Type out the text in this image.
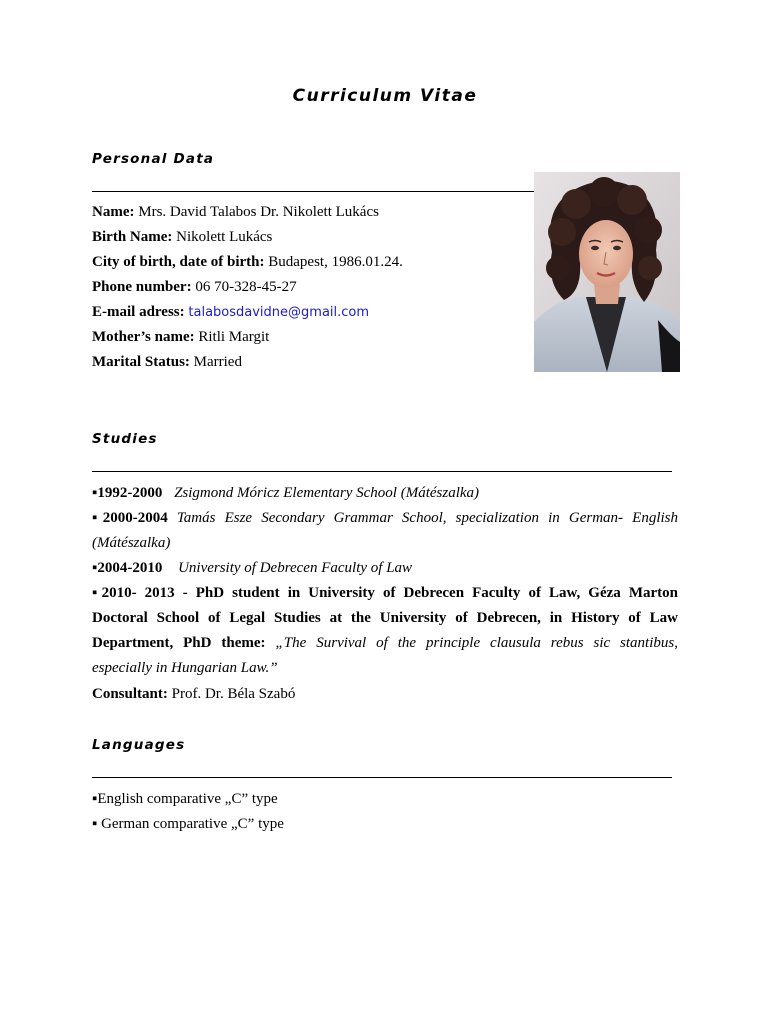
Curriculum Vitae
Personal Data
Name: Mrs. David Talabos Dr. Nikolett Lukács
Birth Name: Nikolett Lukács
City of birth, date of birth: Budapest, 1986.01.24.
Phone number: 06 70-328-45-27
E-mail adress: talabosdavidne@gmail.com
Mother’s name: Ritli Margit
Marital Status: Married
Studies
▪1992-2000 Zsigmond Móricz Elementary School (Mátészalka)
▪2000-2004 Tamás Esze Secondary Grammar School, specialization in German- English
(Mátészalka)
▪2004-2010 University of Debrecen Faculty of Law
▪2010- 2013 - PhD student in University of Debrecen Faculty of Law, Géza Marton
Doctoral School of Legal Studies at the University of Debrecen, in History of Law
Department, PhD theme: „The Survival of the principle clausula rebus sic stantibus,
especially in Hungarian Law.”
Consultant: Prof. Dr. Béla Szabó
Languages
▪English comparative „C” type
▪ German comparative „C” type
